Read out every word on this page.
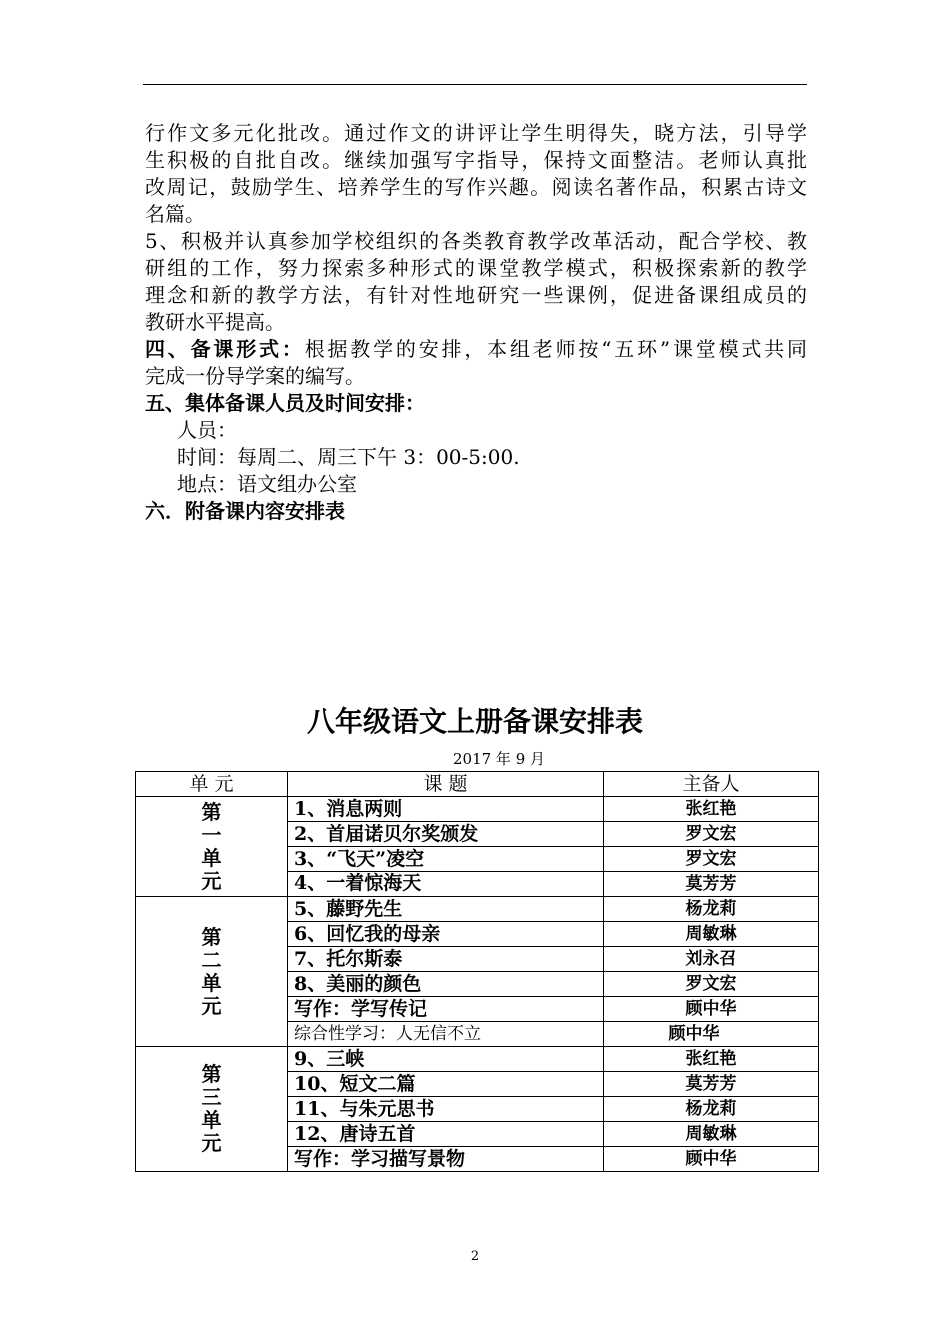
行作文多元化批改。通过作文的讲评让学生明得失，晓方法，引导学

生积极的自批自改。继续加强写字指导，保持文面整洁。老师认真批

改周记，鼓励学生、培养学生的写作兴趣。阅读名著作品，积累古诗文

名篇。

5、积极并认真参加学校组织的各类教育教学改革活动，配合学校、教

研组的工作，努力探索多种形式的课堂教学模式，积极探索新的教学

理念和新的教学方法，有针对性地研究一些课例，促进备课组成员的

教研水平提高。

四、备课形式：根据教学的安排，本组老师按“五环”课堂模式共同

完成一份导学案的编写。

五、集体备课人员及时间安排：

人员：

时间：每周二、周三下午 3：00-5:00.

地点：语文组办公室

六．附备课内容安排表

八年级语文上册备课安排表
2017 年 9 月
单 元	课 题	主备人

第
一
单
元	1、消息两则	张红艳
	2、首届诺贝尔奖颁发	罗文宏
	3、“飞天”凌空	罗文宏
	4、一着惊海天	莫芳芳

第
二
单
元	5、藤野先生	杨龙莉
	6、回忆我的母亲	周敏琳
	7、托尔斯泰	刘永召
	8、美丽的颜色	罗文宏
	写作：学写传记	顾中华
	综合性学习：人无信不立	顾中华

第
三
单
元	9、三峡	张红艳
	10、短文二篇	莫芳芳
	11、与朱元思书	杨龙莉
	12、唐诗五首	周敏琳
	写作：学习描写景物	顾中华
2
